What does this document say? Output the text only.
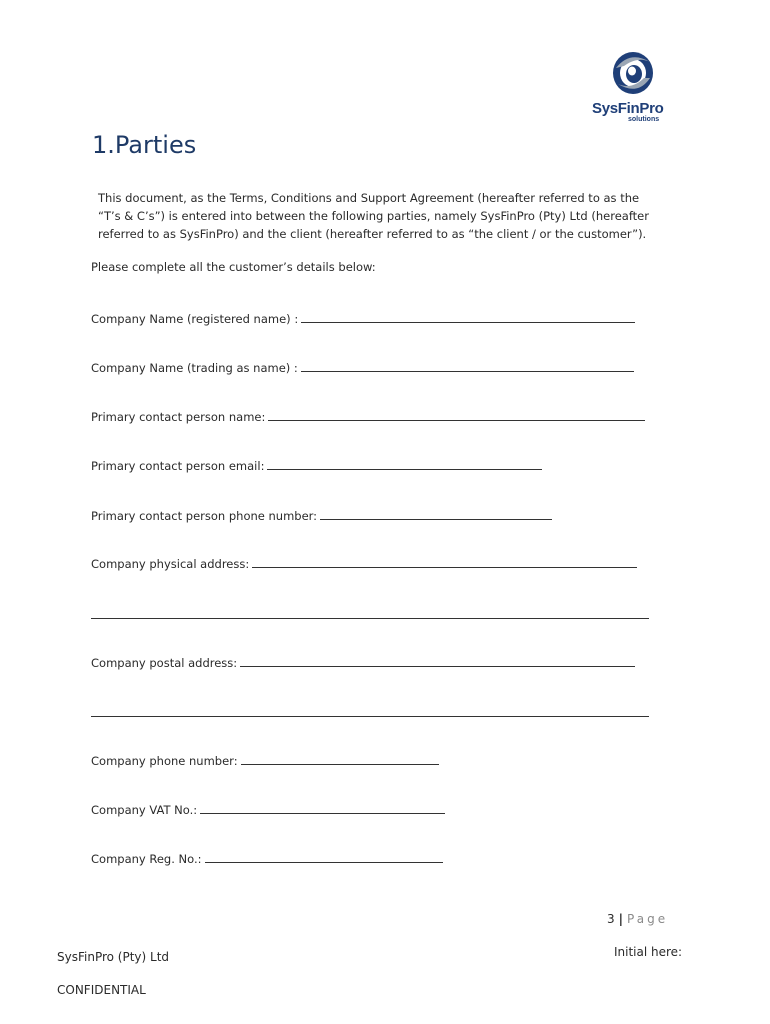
SysFinPro
solutions
1.Parties
This document, as the Terms, Conditions and Support Agreement (hereafter referred to as the
“T’s & C’s”) is entered into between the following parties, namely SysFinPro (Pty) Ltd (hereafter
referred to as SysFinPro) and the client (hereafter referred to as “the client / or the customer”).
Please complete all the customer’s details below:
Company Name (registered name) :
Company Name (trading as name) :
Primary contact person name:
Primary contact person email:
Primary contact person phone number:
Company physical address:
Company postal address:
Company phone number:
Company VAT No.:
Company Reg. No.:
3 | Page
Initial here:
SysFinPro (Pty) Ltd
CONFIDENTIAL
